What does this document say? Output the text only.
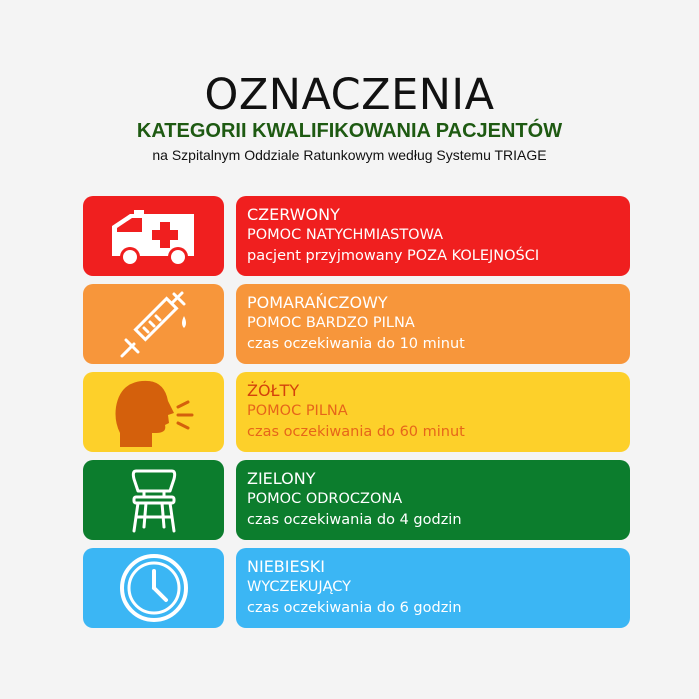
OZNACZENIA
KATEGORII KWALIFIKOWANIA PACJENTÓW
na Szpitalnym Oddziale Ratunkowym według Systemu TRIAGE
CZERWONY
POMOC NATYCHMIASTOWA
pacjent przyjmowany POZA KOLEJNOŚCI
POMARAŃCZOWY
POMOC BARDZO PILNA
czas oczekiwania do 10 minut
ŻÓŁTY
POMOC PILNA
czas oczekiwania do 60 minut
ZIELONY
POMOC ODROCZONA
czas oczekiwania do 4 godzin
NIEBIESKI
WYCZEKUJĄCY
czas oczekiwania do 6 godzin
